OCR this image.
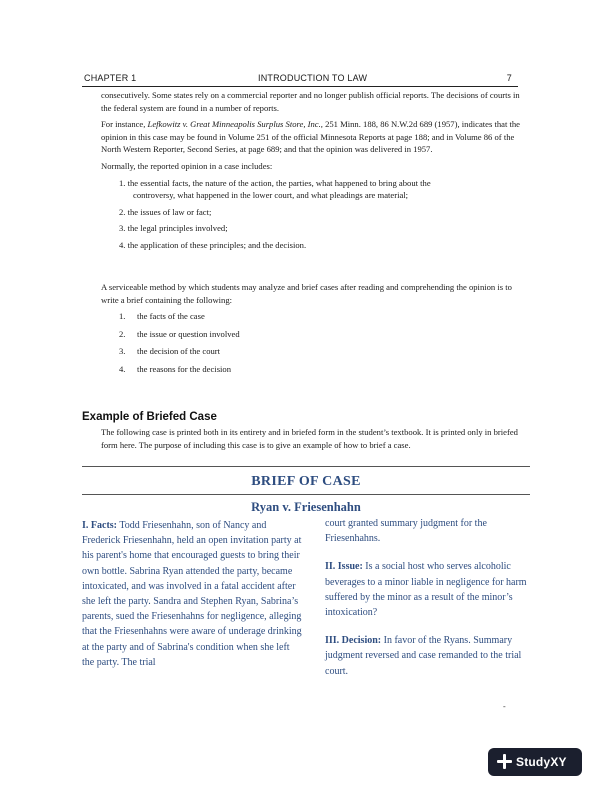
CHAPTER 1	INTRODUCTION TO LAW	7

consecutively. Some states rely on a commercial reporter and no longer publish official reports. The decisions of courts in the federal system are found in a number of reports.

For instance, Lefkowitz v. Great Minneapolis Surplus Store, Inc., 251 Minn. 188, 86 N.W.2d 689 (1957), indicates that the opinion in this case may be found in Volume 251 of the official Minnesota Reports at page 188; and in Volume 86 of the North Western Reporter, Second Series, at page 689; and that the opinion was delivered in 1957.

Normally, the reported opinion in a case includes:

1. the essential facts, the nature of the action, the parties, what happened to bring about the
controversy, what happened in the lower court, and what pleadings are material;
2. the issues of law or fact;
3. the legal principles involved;
4. the application of these principles; and the decision.

A serviceable method by which students may analyze and brief cases after reading and comprehending the opinion is to write a brief containing the following:

1. the facts of the case
2. the issue or question involved
3. the decision of the court
4. the reasons for the decision
Example of Briefed Case
The following case is printed both in its entirety and in briefed form in the student’s textbook. It is printed only in briefed form here. The purpose of including this case is to give an example of how to brief a case.
BRIEF OF CASE
Ryan v. Friesenhahn

I. Facts: Todd Friesenhahn, son of Nancy and Frederick Friesenhahn, held an open invitation party at his parent's home that encouraged guests to bring their own bottle. Sabrina Ryan attended the party, became intoxicated, and was involved in a fatal accident after she left the party. Sandra and Stephen Ryan, Sabrina’s parents, sued the Friesenhahns for negligence, alleging that the Friesenhahns were aware of underage drinking at the party and of Sabrina's condition when she left the party. The trial

court granted summary judgment for the Friesenhahns.

II. Issue: Is a social host who serves alcoholic beverages to a minor liable in negligence for harm suffered by the minor as a result of the minor’s intoxication?

III. Decision: In favor of the Ryans. Summary judgment reversed and case remanded to the trial court.

-
StudyXY
